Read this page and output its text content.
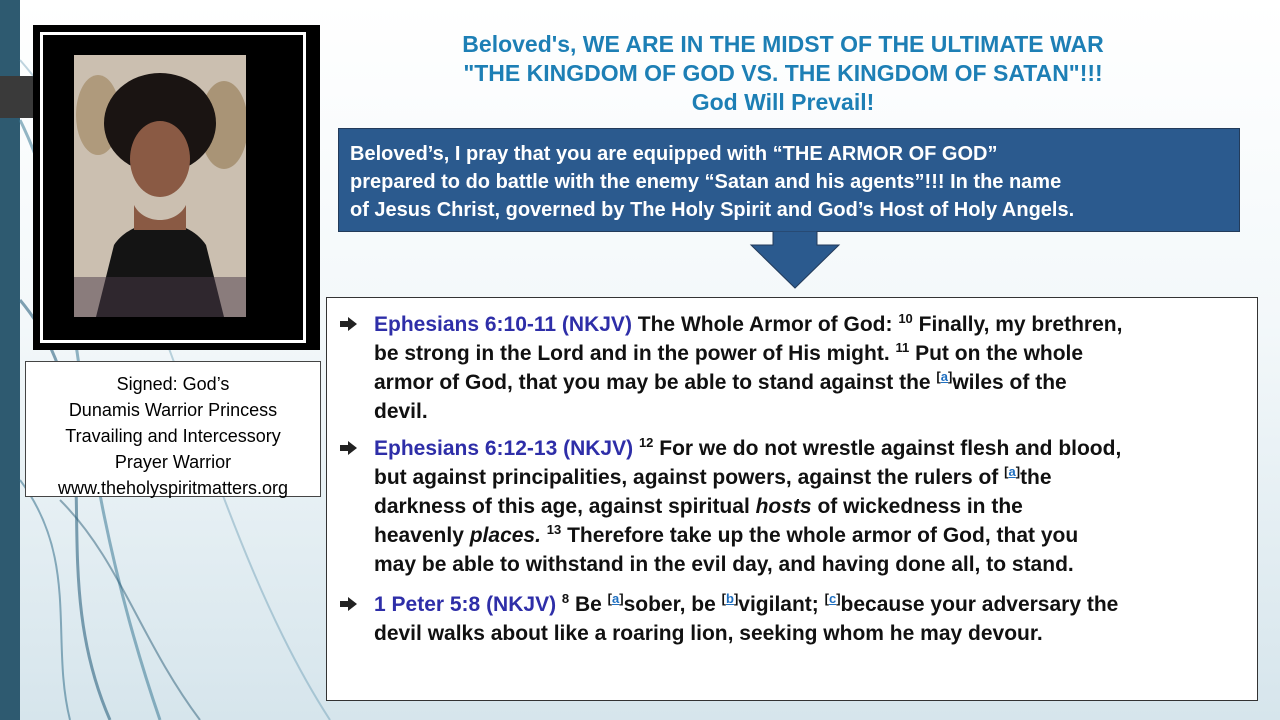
Signed: God’s
Dunamis Warrior Princess
Travailing and Intercessory
Prayer Warrior
www.theholyspiritmatters.org
Beloved's, WE ARE IN THE MIDST OF THE ULTIMATE WAR
"THE KINGDOM OF GOD VS. THE KINGDOM OF SATAN"!!!
God Will Prevail!
Beloved’s, I pray that you are equipped with “THE ARMOR OF GOD”
prepared to do battle with the enemy “Satan and his agents”!!! In the name
of Jesus Christ, governed by The Holy Spirit and God’s Host of Holy Angels.
Ephesians 6:10-11 (NKJV) The Whole Armor of God: $^{10}$ Finally, my brethren,
be strong in the Lord and in the power of His might. $^{11}$ Put on the whole
armor of God, that you may be able to stand against the [a]wiles of the
devil.
Ephesians 6:12-13 (NKJV) $^{12}$ For we do not wrestle against flesh and blood,
but against principalities, against powers, against the rulers of [a]the
darkness of this age, against spiritual hosts of wickedness in the
heavenly places. $^{13}$ Therefore take up the whole armor of God, that you
may be able to withstand in the evil day, and having done all, to stand.
1 Peter 5:8 (NKJV) $^8$ Be [a]sober, be [b]vigilant; [c]because your adversary the
devil walks about like a roaring lion, seeking whom he may devour.
